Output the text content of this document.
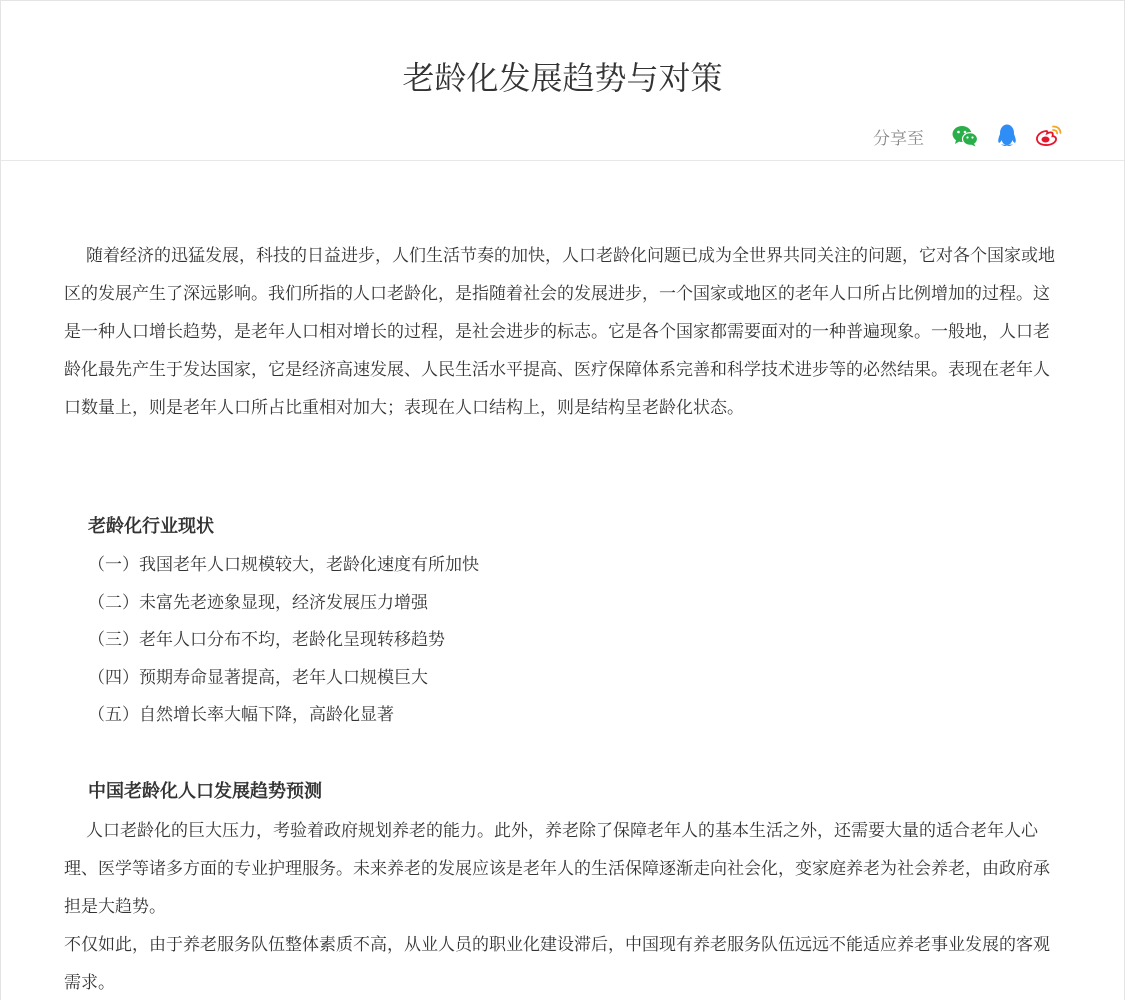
老龄化发展趋势与对策
分享至

随着经济的迅猛发展，科技的日益进步，人们生活节奏的加快，人口老龄化问题已成为全世界共同关注的问题，它对各个国家或地区的发展产生了深远影响。我们所指的人口老龄化，是指随着社会的发展进步，一个国家或地区的老年人口所占比例增加的过程。这是一种人口增长趋势，是老年人口相对增长的过程，是社会进步的标志。它是各个国家都需要面对的一种普遍现象。一般地，人口老龄化最先产生于发达国家，它是经济高速发展、人民生活水平提高、医疗保障体系完善和科学技术进步等的必然结果。表现在老年人口数量上，则是老年人口所占比重相对加大；表现在人口结构上，则是结构呈老龄化状态。

老龄化行业现状

（一）我国老年人口规模较大，老龄化速度有所加快

（二）未富先老迹象显现，经济发展压力增强

（三）老年人口分布不均，老龄化呈现转移趋势

（四）预期寿命显著提高，老年人口规模巨大

（五）自然增长率大幅下降，高龄化显著

中国老龄化人口发展趋势预测

人口老龄化的巨大压力，考验着政府规划养老的能力。此外，养老除了保障老年人的基本生活之外，还需要大量的适合老年人心理、医学等诸多方面的专业护理服务。未来养老的发展应该是老年人的生活保障逐渐走向社会化，变家庭养老为社会养老，由政府承担是大趋势。

不仅如此，由于养老服务队伍整体素质不高，从业人员的职业化建设滞后，中国现有养老服务队伍远远不能适应养老事业发展的客观需求。
